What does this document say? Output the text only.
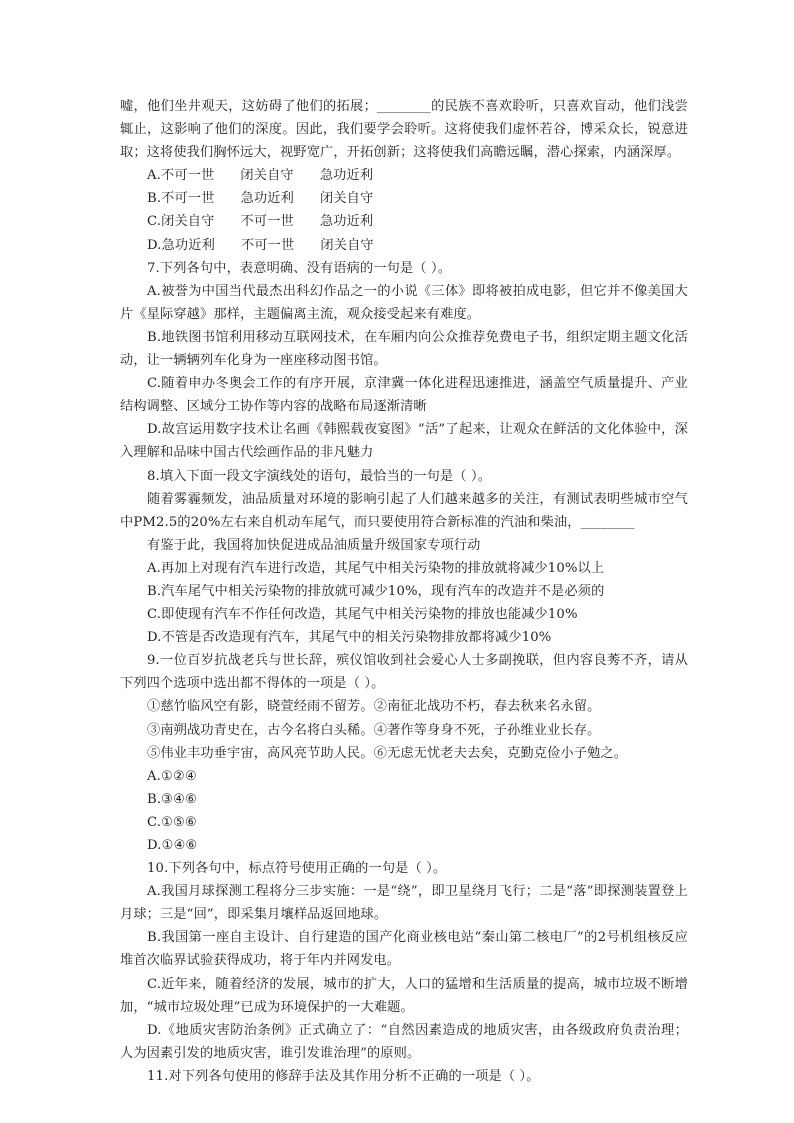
嘘，他们坐井观天，这妨碍了他们的拓展；________的民族不喜欢聆听，只喜欢盲动，他们浅尝辄止，这影响了他们的深度。因此，我们要学会聆听。这将使我们虚怀若谷，博采众长，锐意进取；这将使我们胸怀远大，视野宽广，开拓创新；这将使我们高瞻远瞩，潜心探索，内涵深厚。

A.不可一世      闭关自守      急功近利

B.不可一世      急功近利      闭关自守

C.闭关自守      不可一世      急功近利

D.急功近利      不可一世      闭关自守

7.下列各句中，表意明确、没有语病的一句是（ ）。

A.被誉为中国当代最杰出科幻作品之一的小说《三体》即将被拍成电影，但它并不像美国大片《星际穿越》那样，主题偏离主流，观众接受起来有难度。

B.地铁图书馆利用移动互联网技术，在车厢内向公众推荐免费电子书，组织定期主题文化活动，让一辆辆列车化身为一座座移动图书馆。

C.随着申办冬奥会工作的有序开展，京津冀一体化进程迅速推进，涵盖空气质量提升、产业结构调整、区域分工协作等内容的战略布局逐渐清晰

D.故宫运用数字技术让名画《韩熙载夜宴图》“活”了起来，让观众在鲜活的文化体验中，深入理解和品味中国古代绘画作品的非凡魅力

8.填入下面一段文字演线处的语句，最恰当的一句是（ ）。

随着雾霾频发，油品质量对环境的影响引起了人们越来越多的关注，有测试表明些城市空气中PM2.5的20%左右来自机动车尾气，而只要使用符合新标准的汽油和柴油，________

有鉴于此，我国将加快促进成品油质量升级国家专项行动

A.再加上对现有汽车进行改造，其尾气中相关污染物的排放就将减少10%以上

B.汽车尾气中相关污染物的排放就可减少10%，现有汽车的改造并不是必须的

C.即使现有汽车不作任何改造，其尾气中相关污染物的排放也能减少10%

D.不管是否改造现有汽车，其尾气中的相关污染物排放都将减少10%

9.一位百岁抗战老兵与世长辞，殡仪馆收到社会爱心人士多副挽联，但内容良莠不齐，请从下列四个选项中选出都不得体的一项是（ ）。

①慈竹临风空有影，晓萱经雨不留芳。②南征北战功不朽，春去秋来名永留。

③南朔战功青史在，古今名将白头稀。④著作等身身不死，子孙维业业长存。

⑤伟业丰功垂宇宙，高风亮节助人民。⑥无虑无忧老夫去矣，克勤克俭小子勉之。

A.①②④

B.③④⑥

C.①⑤⑥

D.①④⑥

10.下列各句中，标点符号使用正确的一句是（ ）。

A.我国月球探测工程将分三步实施：一是“绕”，即卫星绕月飞行；二是“落”即探测装置登上月球；三是“回”，即采集月壤样品返回地球。

B.我国第一座自主设计、自行建造的国产化商业核电站“秦山第二核电厂”的2号机组核反应堆首次临界试验获得成功，将于年内并网发电。

C.近年来，随着经济的发展，城市的扩大，人口的猛增和生活质量的提高，城市垃圾不断增加，“城市垃圾处理”已成为环境保护的一大难题。

D.《地质灾害防治条例》正式确立了：“自然因素造成的地质灾害，由各级政府负责治理；人为因素引发的地质灾害，谁引发谁治理”的原则。

11.对下列各句使用的修辞手法及其作用分析不正确的一项是（ ）。
